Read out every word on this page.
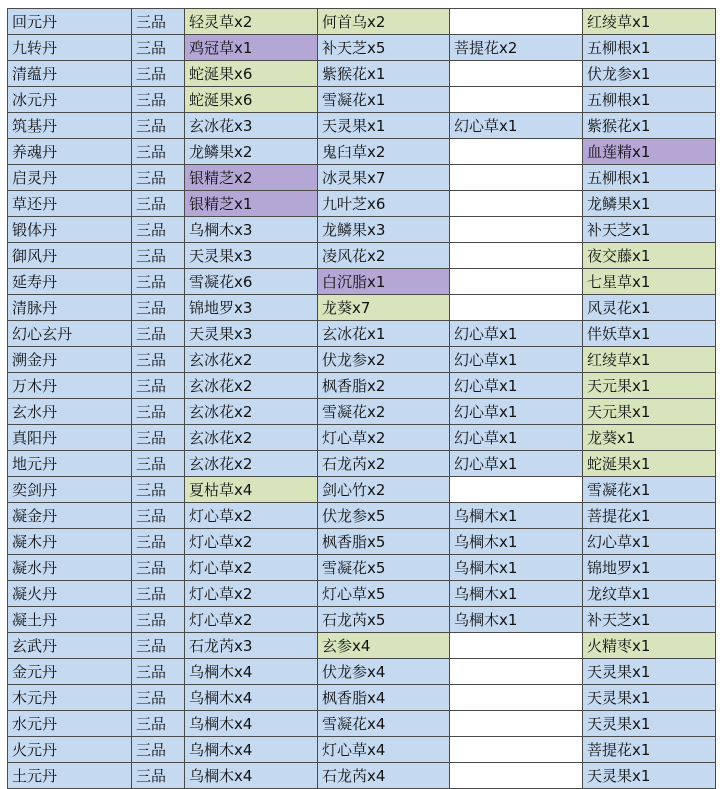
回元丹	三品	轻灵草x2	何首乌x2		红绫草x1
九转丹	三品	鸡冠草x1	补天芝x5	菩提花x2	五柳根x1
清蕴丹	三品	蛇涎果x6	紫猴花x1		伏龙参x1
冰元丹	三品	蛇涎果x6	雪凝花x1		五柳根x1
筑基丹	三品	玄冰花x3	天灵果x1	幻心草x1	紫猴花x1
养魂丹	三品	龙鳞果x2	鬼臼草x2		血莲精x1
启灵丹	三品	银精芝x2	冰灵果x7		五柳根x1
草还丹	三品	银精芝x1	九叶芝x6		龙鳞果x1
锻体丹	三品	乌棡木x3	龙鳞果x3		补天芝x1
御风丹	三品	天灵果x3	凌风花x2		夜交藤x1
延寿丹	三品	雪凝花x6	白沉脂x1		七星草x1
清脉丹	三品	锦地罗x3	龙葵x7		风灵花x1
幻心玄丹	三品	天灵果x3	玄冰花x1	幻心草x1	伴妖草x1
溯金丹	三品	玄冰花x2	伏龙参x2	幻心草x1	红绫草x1
万木丹	三品	玄冰花x2	枫香脂x2	幻心草x1	天元果x1
玄水丹	三品	玄冰花x2	雪凝花x2	幻心草x1	天元果x1
真阳丹	三品	玄冰花x2	灯心草x2	幻心草x1	龙葵x1
地元丹	三品	玄冰花x2	石龙芮x2	幻心草x1	蛇涎果x1
奕剑丹	三品	夏枯草x4	剑心竹x2		雪凝花x1
凝金丹	三品	灯心草x2	伏龙参x5	乌棡木x1	菩提花x1
凝木丹	三品	灯心草x2	枫香脂x5	乌棡木x1	幻心草x1
凝水丹	三品	灯心草x2	雪凝花x5	乌棡木x1	锦地罗x1
凝火丹	三品	灯心草x2	灯心草x5	乌棡木x1	龙纹草x1
凝土丹	三品	灯心草x2	石龙芮x5	乌棡木x1	补天芝x1
玄武丹	三品	石龙芮x3	玄参x4		火精枣x1
金元丹	三品	乌棡木x4	伏龙参x4		天灵果x1
木元丹	三品	乌棡木x4	枫香脂x4		天灵果x1
水元丹	三品	乌棡木x4	雪凝花x4		天灵果x1
火元丹	三品	乌棡木x4	灯心草x4		菩提花x1
土元丹	三品	乌棡木x4	石龙芮x4		天灵果x1
